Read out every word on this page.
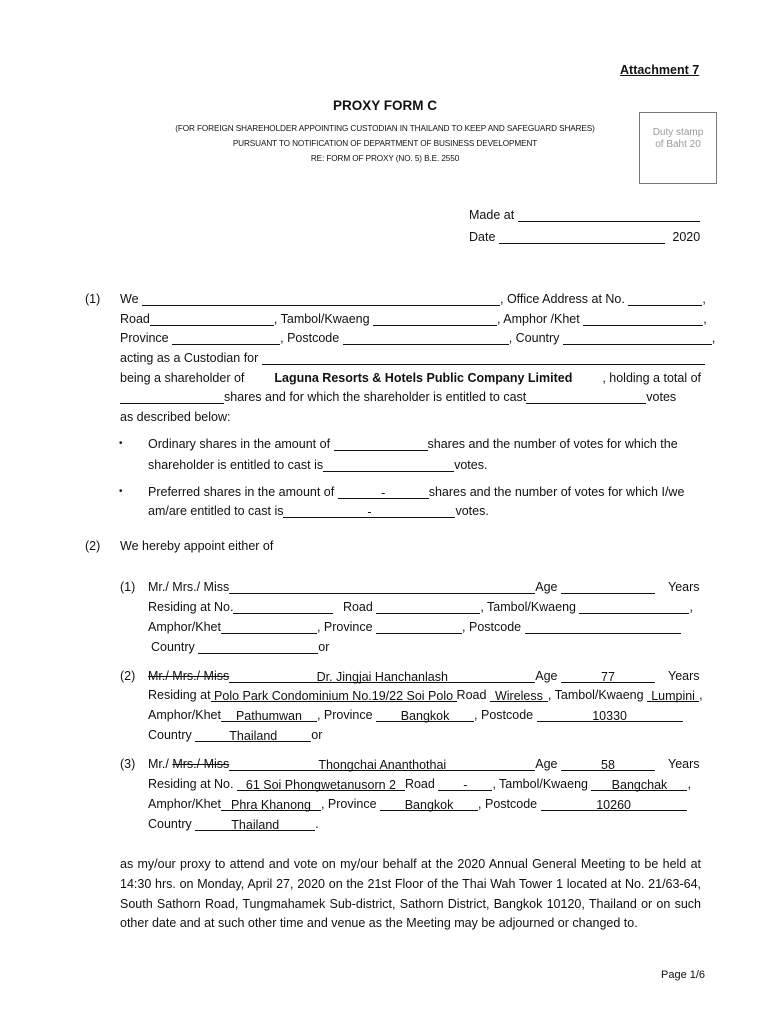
Attachment 7
PROXY FORM C
(FOR FOREIGN SHAREHOLDER APPOINTING CUSTODIAN IN THAILAND TO KEEP AND SAFEGUARD SHARES)
PURSUANT TO NOTIFICATION OF DEPARTMENT OF BUSINESS DEVELOPMENT
RE: FORM OF PROXY (NO. 5) B.E. 2550
Duty stamp
of Baht 20
Made at
Date	2020
(1) We	, Office Address at No.	,
Road	, Tambol/Kwaeng	, Amphor /Khet	,
Province	, Postcode	, Country	,
acting as a Custodian for
being a shareholder of Laguna Resorts & Hotels Public Company Limited , holding a total of
shares and for which the shareholder is entitled to cast	votes
as described below:
• Ordinary shares in the amount of	shares and the number of votes for which the
shareholder is entitled to cast is	votes.
• Preferred shares in the amount of	-	shares and the number of votes for which I/we
am/are entitled to cast is	-	votes.
(2) We hereby appoint either of
(1) Mr./ Mrs./ Miss	Age	Years
Residing at No.	Road	, Tambol/Kwaeng	,
Amphor/Khet	, Province	, Postcode
Country	or
(2) Mr./ Mrs./ Miss	Dr. Jingjai Hanchanlash	Age	77	Years
Residing at Polo Park Condominium No.19/22 Soi Polo Road Wireless , Tambol/Kwaeng Lumpini ,
Amphor/Khet Pathumwan , Province Bangkok , Postcode	10330
Country	Thailand	or
(3) Mr./ Mrs./ Miss	Thongchai Ananthothai	Age	58	Years
Residing at No. 61 Soi Phongwetanusorn 2 Road - , Tambol/Kwaeng Bangchak ,
Amphor/Khet Phra Khanong , Province Bangkok , Postcode	10260
Country	Thailand	.
as my/our proxy to attend and vote on my/our behalf at the 2020 Annual General Meeting to be held at 14:30 hrs. on Monday, April 27, 2020 on the 21st Floor of the Thai Wah Tower 1 located at No. 21/63-64, South Sathorn Road, Tungmahamek Sub-district, Sathorn District, Bangkok 10120, Thailand or on such other date and at such other time and venue as the Meeting may be adjourned or changed to.
Page 1/6
